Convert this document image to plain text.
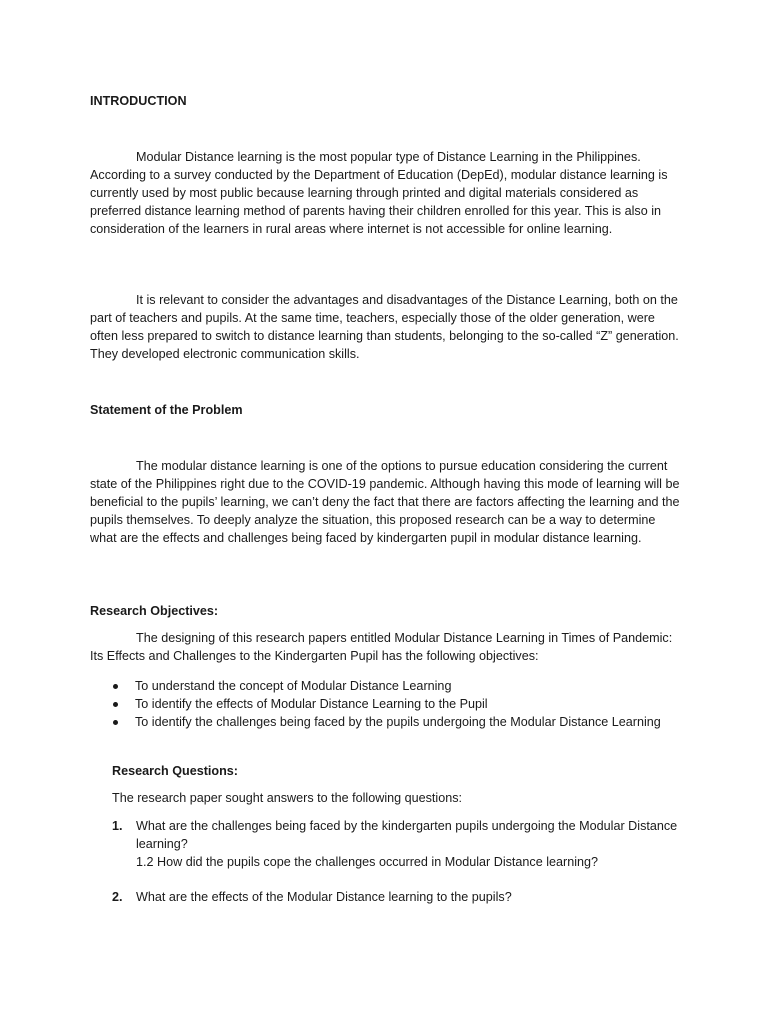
INTRODUCTION

Modular Distance learning is the most popular type of Distance Learning in the Philippines. According to a survey conducted by the Department of Education (DepEd), modular distance learning is currently used by most public because learning through printed and digital materials considered as preferred distance learning method of parents having their children enrolled for this year. This is also in consideration of the learners in rural areas where internet is not accessible for online learning.

It is relevant to consider the advantages and disadvantages of the Distance Learning, both on the part of teachers and pupils. At the same time, teachers, especially those of the older generation, were often less prepared to switch to distance learning than students, belonging to the so-called “Z” generation. They developed electronic communication skills.

Statement of the Problem

The modular distance learning is one of the options to pursue education considering the current state of the Philippines right due to the COVID-19 pandemic. Although having this mode of learning will be beneficial to the pupils’ learning, we can’t deny the fact that there are factors affecting the learning and the pupils themselves. To deeply analyze the situation, this proposed research can be a way to determine what are the effects and challenges being faced by kindergarten pupil in modular distance learning.

Research Objectives:

The designing of this research papers entitled Modular Distance Learning in Times of Pandemic: Its Effects and Challenges to the Kindergarten Pupil has the following objectives:

To understand the concept of Modular Distance Learning
To identify the effects of Modular Distance Learning to the Pupil
To identify the challenges being faced by the pupils undergoing the Modular Distance Learning
Research Questions:
The research paper sought answers to the following questions:
1. What are the challenges being faced by the kindergarten pupils undergoing the Modular Distance learning?
1.2 How did the pupils cope the challenges occurred in Modular Distance learning?
2. What are the effects of the Modular Distance learning to the pupils?
